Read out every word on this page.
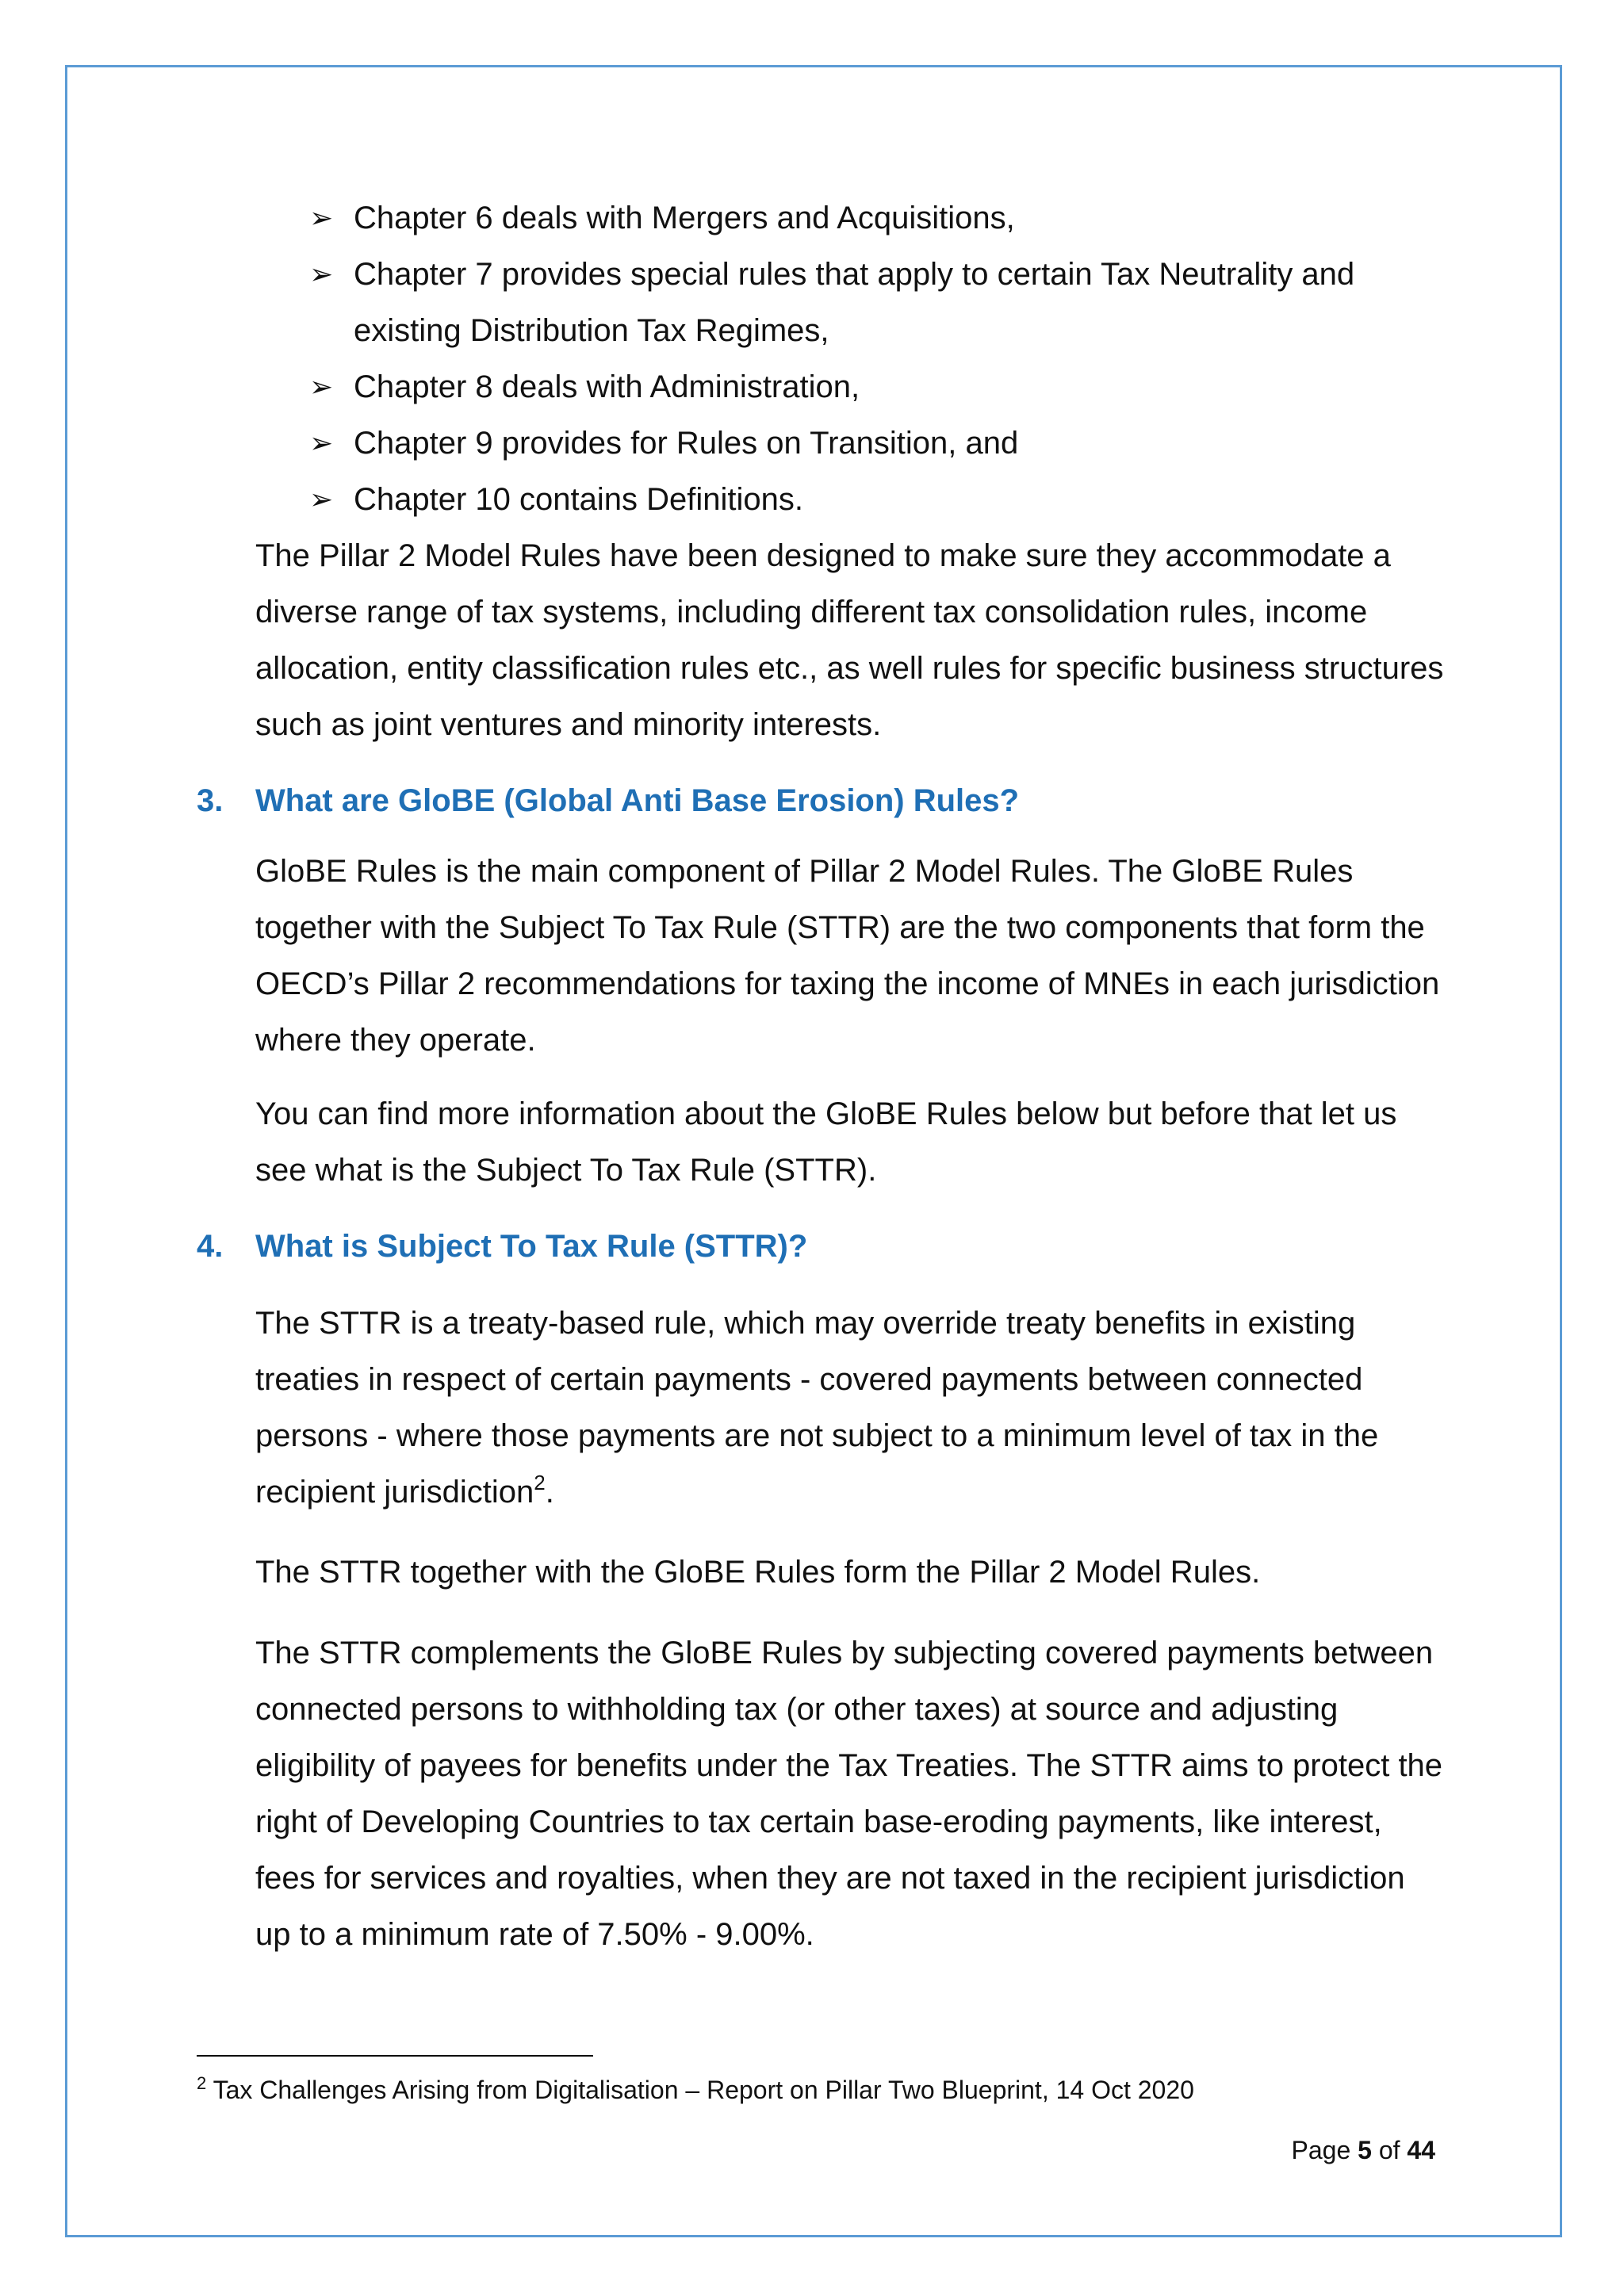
➢ Chapter 6 deals with Mergers and Acquisitions,
➢ Chapter 7 provides special rules that apply to certain Tax Neutrality and existing Distribution Tax Regimes,
➢ Chapter 8 deals with Administration,
➢ Chapter 9 provides for Rules on Transition, and
➢ Chapter 10 contains Definitions.
The Pillar 2 Model Rules have been designed to make sure they accommodate a diverse range of tax systems, including different tax consolidation rules, income allocation, entity classification rules etc., as well rules for specific business structures such as joint ventures and minority interests.
3. What are GloBE (Global Anti Base Erosion) Rules?
GloBE Rules is the main component of Pillar 2 Model Rules. The GloBE Rules together with the Subject To Tax Rule (STTR) are the two components that form the OECD’s Pillar 2 recommendations for taxing the income of MNEs in each jurisdiction where they operate.
You can find more information about the GloBE Rules below but before that let us see what is the Subject To Tax Rule (STTR).
4. What is Subject To Tax Rule (STTR)?
The STTR is a treaty-based rule, which may override treaty benefits in existing treaties in respect of certain payments - covered payments between connected persons - where those payments are not subject to a minimum level of tax in the recipient jurisdiction$^2$.
The STTR together with the GloBE Rules form the Pillar 2 Model Rules.
The STTR complements the GloBE Rules by subjecting covered payments between connected persons to withholding tax (or other taxes) at source and adjusting eligibility of payees for benefits under the Tax Treaties. The STTR aims to protect the right of Developing Countries to tax certain base-eroding payments, like interest, fees for services and royalties, when they are not taxed in the recipient jurisdiction up to a minimum rate of 7.50% - 9.00%.
$^2$ Tax Challenges Arising from Digitalisation – Report on Pillar Two Blueprint, 14 Oct 2020
Page 5 of 44
